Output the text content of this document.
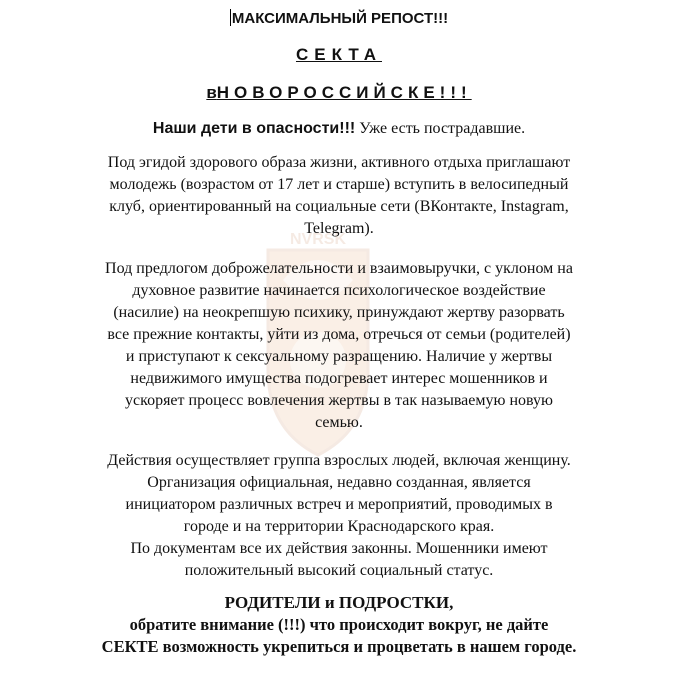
NVRSK
МАКСИМАЛЬНЫЙ РЕПОСТ!!!
СЕКТА
вНОВОРОССИЙСКЕ!!!
Наши дети в опасности!!! Уже есть пострадавшие.
Под эгидой здорового образа жизни, активного отдыха приглашают
молодежь (возрастом от 17 лет и старше) вступить в велосипедный
клуб, ориентированный на социальные сети (ВКонтакте, Instagram,
Telegram).
Под предлогом доброжелательности и взаимовыручки, с уклоном на
духовное развитие начинается психологическое воздействие
(насилие) на неокрепшую психику, принуждают жертву разорвать
все прежние контакты, уйти из дома, отречься от семьи (родителей)
и приступают к сексуальному разращению. Наличие у жертвы
недвижимого имущества подогревает интерес мошенников и
ускоряет процесс вовлечения жертвы в так называемую новую
семью.
Действия осуществляет группа взрослых людей, включая женщину.
Организация официальная, недавно созданная, является
инициатором различных встреч и мероприятий, проводимых в
городе и на территории Краснодарского края.
По документам все их действия законны. Мошенники имеют
положительный высокий социальный статус.
РОДИТЕЛИ и ПОДРОСТКИ,
обратите внимание (!!!) что происходит вокруг, не дайте
СЕКТЕ возможность укрепиться и процветать в нашем городе.
